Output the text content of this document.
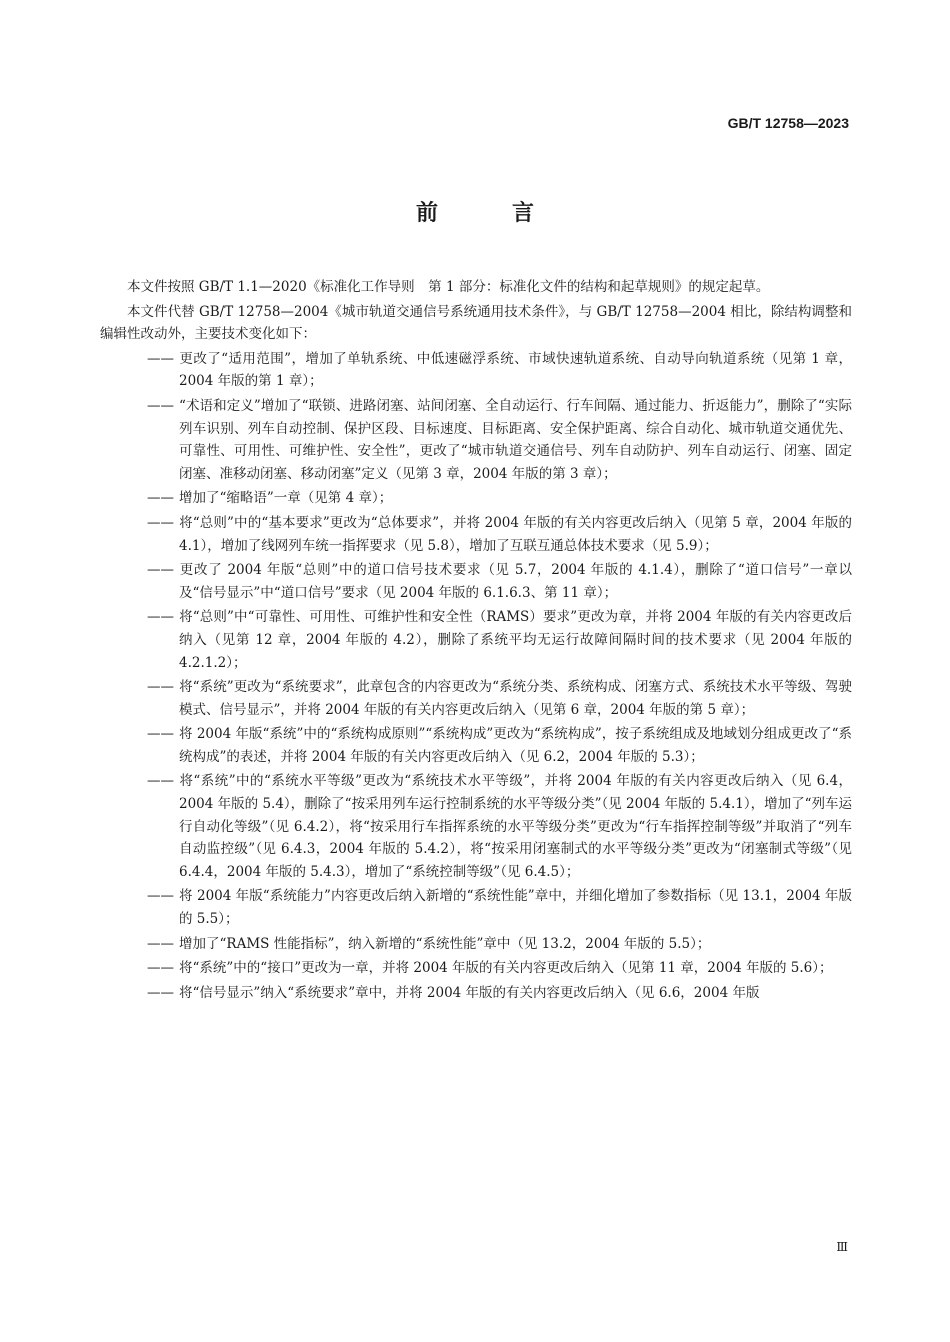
GB/T 12758—2023
前　言

本文件按照 GB/T 1.1—2020《标准化工作导则　第 1 部分：标准化文件的结构和起草规则》的规定起草。

本文件代替 GB/T 12758—2004《城市轨道交通信号系统通用技术条件》，与 GB/T 12758—2004 相比，除结构调整和编辑性改动外，主要技术变化如下：

—— 更改了“适用范围”，增加了单轨系统、中低速磁浮系统、市域快速轨道系统、自动导向轨道系统（见第 1 章，2004 年版的第 1 章）；

—— “术语和定义”增加了“联锁、进路闭塞、站间闭塞、全自动运行、行车间隔、通过能力、折返能力”，删除了“实际列车识别、列车自动控制、保护区段、目标速度、目标距离、安全保护距离、综合自动化、城市轨道交通优先、可靠性、可用性、可维护性、安全性”，更改了“城市轨道交通信号、列车自动防护、列车自动运行、闭塞、固定闭塞、准移动闭塞、移动闭塞”定义（见第 3 章，2004 年版的第 3 章）；

—— 增加了“缩略语”一章（见第 4 章）；

—— 将“总则”中的“基本要求”更改为“总体要求”，并将 2004 年版的有关内容更改后纳入（见第 5 章，2004 年版的 4.1），增加了线网列车统一指挥要求（见 5.8），增加了互联互通总体技术要求（见 5.9）；

—— 更改了 2004 年版“总则”中的道口信号技术要求（见 5.7，2004 年版的 4.1.4），删除了“道口信号”一章以及“信号显示”中“道口信号”要求（见 2004 年版的 6.1.6.3、第 11 章）；

—— 将“总则”中“可靠性、可用性、可维护性和安全性（RAMS）要求”更改为章，并将 2004 年版的有关内容更改后纳入（见第 12 章，2004 年版的 4.2），删除了系统平均无运行故障间隔时间的技术要求（见 2004 年版的 4.2.1.2）；

—— 将“系统”更改为“系统要求”，此章包含的内容更改为“系统分类、系统构成、闭塞方式、系统技术水平等级、驾驶模式、信号显示”，并将 2004 年版的有关内容更改后纳入（见第 6 章，2004 年版的第 5 章）；

—— 将 2004 年版“系统”中的“系统构成原则”“系统构成”更改为“系统构成”，按子系统组成及地域划分组成更改了“系统构成”的表述，并将 2004 年版的有关内容更改后纳入（见 6.2，2004 年版的 5.3）；

—— 将“系统”中的“系统水平等级”更改为“系统技术水平等级”，并将 2004 年版的有关内容更改后纳入（见 6.4，2004 年版的 5.4），删除了“按采用列车运行控制系统的水平等级分类”（见 2004 年版的 5.4.1），增加了“列车运行自动化等级”（见 6.4.2），将“按采用行车指挥系统的水平等级分类”更改为“行车指挥控制等级”并取消了“列车自动监控级”（见 6.4.3，2004 年版的 5.4.2），将“按采用闭塞制式的水平等级分类”更改为“闭塞制式等级”（见 6.4.4，2004 年版的 5.4.3），增加了“系统控制等级”（见 6.4.5）；

—— 将 2004 年版“系统能力”内容更改后纳入新增的“系统性能”章中，并细化增加了参数指标（见 13.1，2004 年版的 5.5）；

—— 增加了“RAMS 性能指标”，纳入新增的“系统性能”章中（见 13.2，2004 年版的 5.5）；

—— 将“系统”中的“接口”更改为一章，并将 2004 年版的有关内容更改后纳入（见第 11 章，2004 年版的 5.6）；

—— 将“信号显示”纳入“系统要求”章中，并将 2004 年版的有关内容更改后纳入（见 6.6，2004 年版

Ⅲ
